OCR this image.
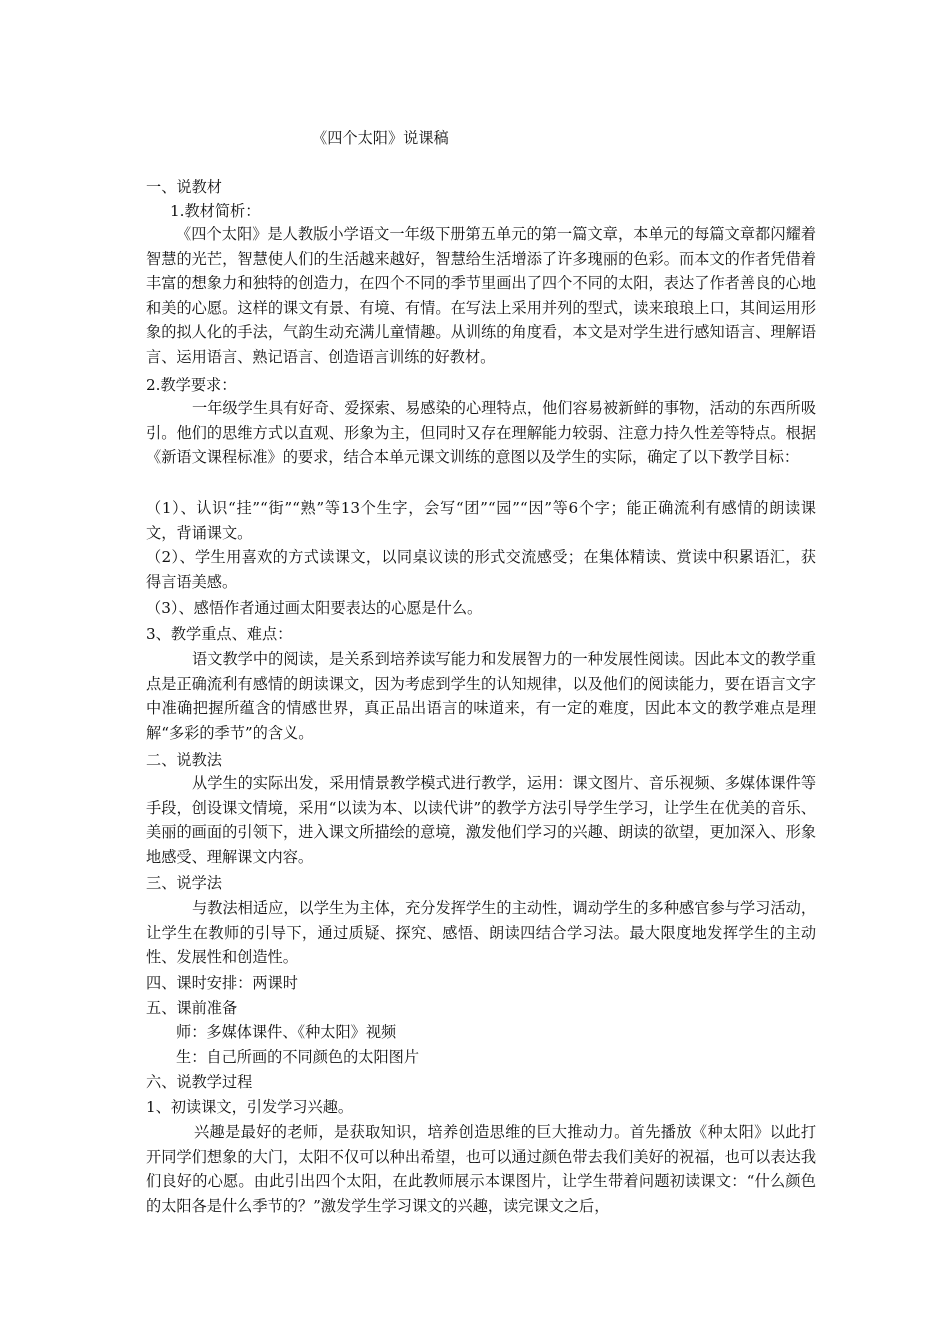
《四个太阳》说课稿
一、说教材
1.教材简析：
《四个太阳》是人教版小学语文一年级下册第五单元的第一篇文章，本单元的每篇文章都闪耀着智慧的光芒，智慧使人们的生活越来越好，智慧给生活增添了许多瑰丽的色彩。而本文的作者凭借着丰富的想象力和独特的创造力，在四个不同的季节里画出了四个不同的太阳，表达了作者善良的心地和美的心愿。这样的课文有景、有境、有情。在写法上采用并列的型式，读来琅琅上口，其间运用形象的拟人化的手法，气韵生动充满儿童情趣。从训练的角度看，本文是对学生进行感知语言、理解语言、运用语言、熟记语言、创造语言训练的好教材。
2.教学要求：
一年级学生具有好奇、爱探索、易感染的心理特点，他们容易被新鲜的事物，活动的东西所吸引。他们的思维方式以直观、形象为主，但同时又存在理解能力较弱、注意力持久性差等特点。根据《新语文课程标准》的要求，结合本单元课文训练的意图以及学生的实际，确定了以下教学目标：
（1）、认识“挂”“街”“熟”等13个生字，会写“团”“园”“因”等6个字；能正确流利有感情的朗读课文，背诵课文。
（2）、学生用喜欢的方式读课文，以同桌议读的形式交流感受；在集体精读、赏读中积累语汇，获得言语美感。
（3）、感悟作者通过画太阳要表达的心愿是什么。
3、教学重点、难点：
语文教学中的阅读，是关系到培养读写能力和发展智力的一种发展性阅读。因此本文的教学重点是正确流利有感情的朗读课文，因为考虑到学生的认知规律，以及他们的阅读能力，要在语言文字中准确把握所蕴含的情感世界，真正品出语言的味道来，有一定的难度，因此本文的教学难点是理解“多彩的季节”的含义。
二、说教法
从学生的实际出发，采用情景教学模式进行教学，运用：课文图片、音乐视频、多媒体课件等手段，创设课文情境，采用“以读为本、以读代讲”的教学方法引导学生学习，让学生在优美的音乐、美丽的画面的引领下，进入课文所描绘的意境，激发他们学习的兴趣、朗读的欲望，更加深入、形象地感受、理解课文内容。
三、说学法
与教法相适应，以学生为主体，充分发挥学生的主动性，调动学生的多种感官参与学习活动，让学生在教师的引导下，通过质疑、探究、感悟、朗读四结合学习法。最大限度地发挥学生的主动性、发展性和创造性。
四、课时安排：两课时
五、课前准备
师：多媒体课件、《种太阳》视频
生：自己所画的不同颜色的太阳图片
六、说教学过程
1、初读课文，引发学习兴趣。
兴趣是最好的老师，是获取知识，培养创造思维的巨大推动力。首先播放《种太阳》以此打开同学们想象的大门，太阳不仅可以种出希望，也可以通过颜色带去我们美好的祝福，也可以表达我们良好的心愿。由此引出四个太阳，在此教师展示本课图片，让学生带着问题初读课文：“什么颜色的太阳各是什么季节的？”激发学生学习课文的兴趣，读完课文之后，
